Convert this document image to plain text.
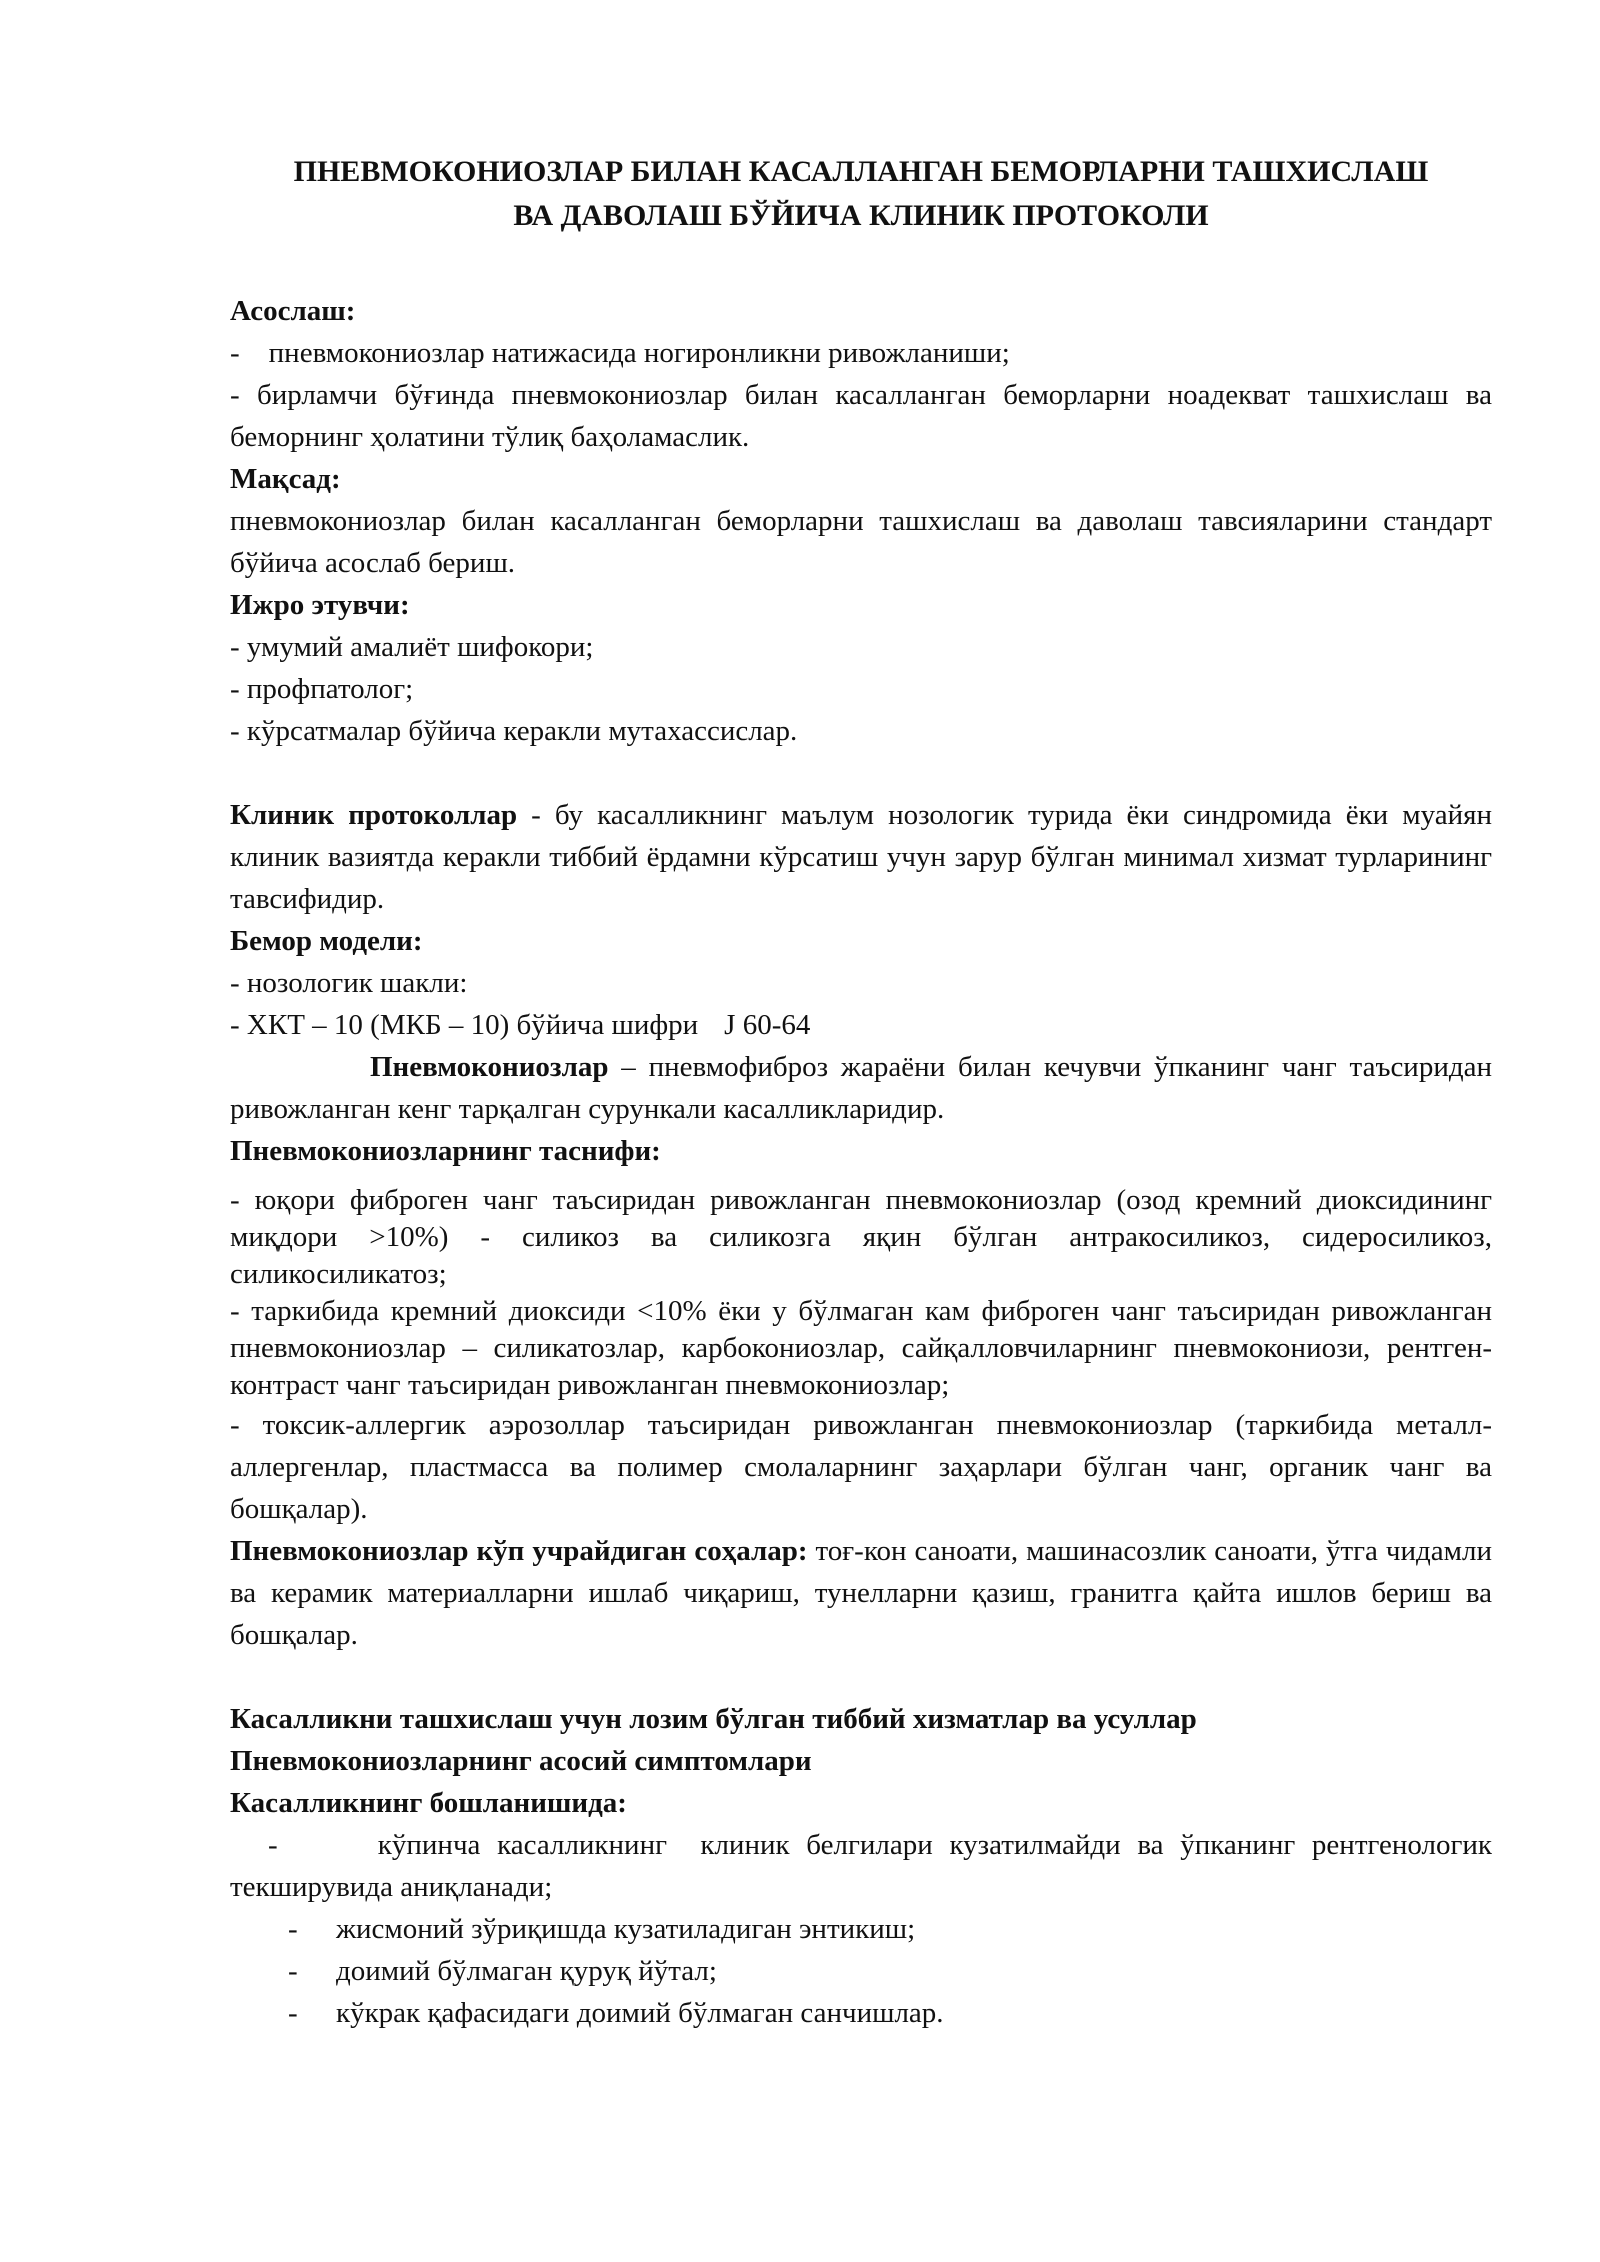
ПНЕВМОКОНИОЗЛАР БИЛАН КАСАЛЛАНГАН БЕМОРЛАРНИ ТАШХИСЛАШ
ВА ДАВОЛАШ БЎЙИЧА КЛИНИК ПРОТОКОЛИ

Асослаш:

-    пневмокониозлар натижасида ногиронликни ривожланиши;

- бирламчи бўғинда пневмокониозлар билан касалланган беморларни ноадекват ташхислаш ва беморнинг ҳолатини тўлиқ баҳоламаслик.

Мақсад:

пневмокониозлар билан касалланган беморларни ташхислаш ва даволаш тавсияларини стандарт бўйича асослаб бериш.

Ижро этувчи:

- умумий амалиёт шифокори;

- профпатолог;

- кўрсатмалар бўйича керакли мутахассислар.

Клиник протоколлар - бу касалликнинг маълум нозологик турида ёки синдромида ёки муайян клиник вазиятда керакли тиббий ёрдамни кўрсатиш учун зарур бўлган минимал хизмат турларининг тавсифидир.

Бемор модели:

- нозологик шакли:

- ХКТ – 10 (МКБ – 10) бўйича шифри J 60-64

Пневмокониозлар – пневмофиброз жараёни билан кечувчи ўпканинг чанг таъсиридан ривожланган кенг тарқалган сурункали касалликларидир.

Пневмокониозларнинг таснифи:

- юқори фиброген чанг таъсиридан ривожланган пневмокониозлар (озод кремний диоксидининг миқдори >10%) - силикоз ва силикозга яқин бўлган антракосиликоз, сидеросиликоз, силикосиликатоз;

- таркибида кремний диоксиди <10% ёки у бўлмаган кам фиброген чанг таъсиридан ривожланган пневмокониозлар – силикатозлар, карбокониозлар, сайқалловчиларнинг пневмокониози, рентген-контраст чанг таъсиридан ривожланган пневмокониозлар;

- токсик-аллергик аэрозоллар таъсиридан ривожланган пневмокониозлар (таркибида металл-аллергенлар, пластмасса ва полимер смолаларнинг заҳарлари бўлган чанг, органик чанг ва бошқалар).

Пневмокониозлар кўп учрайдиган соҳалар: тоғ-кон саноати, машинасозлик саноати, ўтга чидамли ва керамик материалларни ишлаб чиқариш, тунелларни қазиш, гранитга қайта ишлов бериш ва бошқалар.

Касалликни ташхислаш учун лозим бўлган тиббий хизматлар ва усуллар

Пневмокониозларнинг асосий симптомлари

Касалликнинг бошланишида:

-      кўпинча касалликнинг  клиник белгилари кузатилмайди ва ўпканинг рентгенологик текширувида аниқланади;

- жисмоний зўриқишда кузатиладиган энтикиш;

- доимий бўлмаган қуруқ йўтал;

- кўкрак қафасидаги доимий бўлмаган санчишлар.
